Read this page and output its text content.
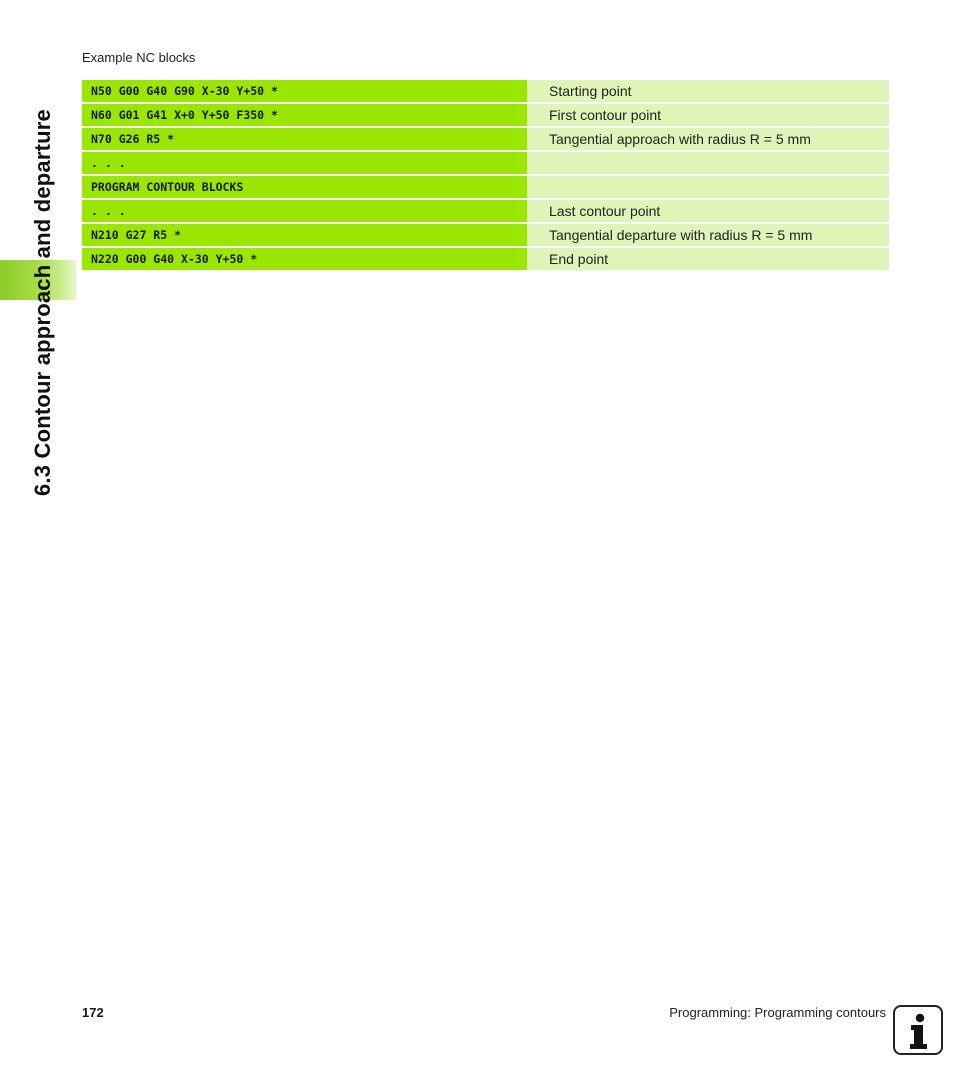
6.3 Contour approach and departure
Example NC blocks
N50 G00 G40 G90 X-30 Y+50 *	Starting point
N60 G01 G41 X+0 Y+50 F350 *	First contour point
N70 G26 R5 *	Tangential approach with radius R = 5 mm
. . .
PROGRAM CONTOUR BLOCKS
. . .	Last contour point
N210 G27 R5 *	Tangential departure with radius R = 5 mm
N220 G00 G40 X-30 Y+50 *	End point
172	Programming: Programming contours
